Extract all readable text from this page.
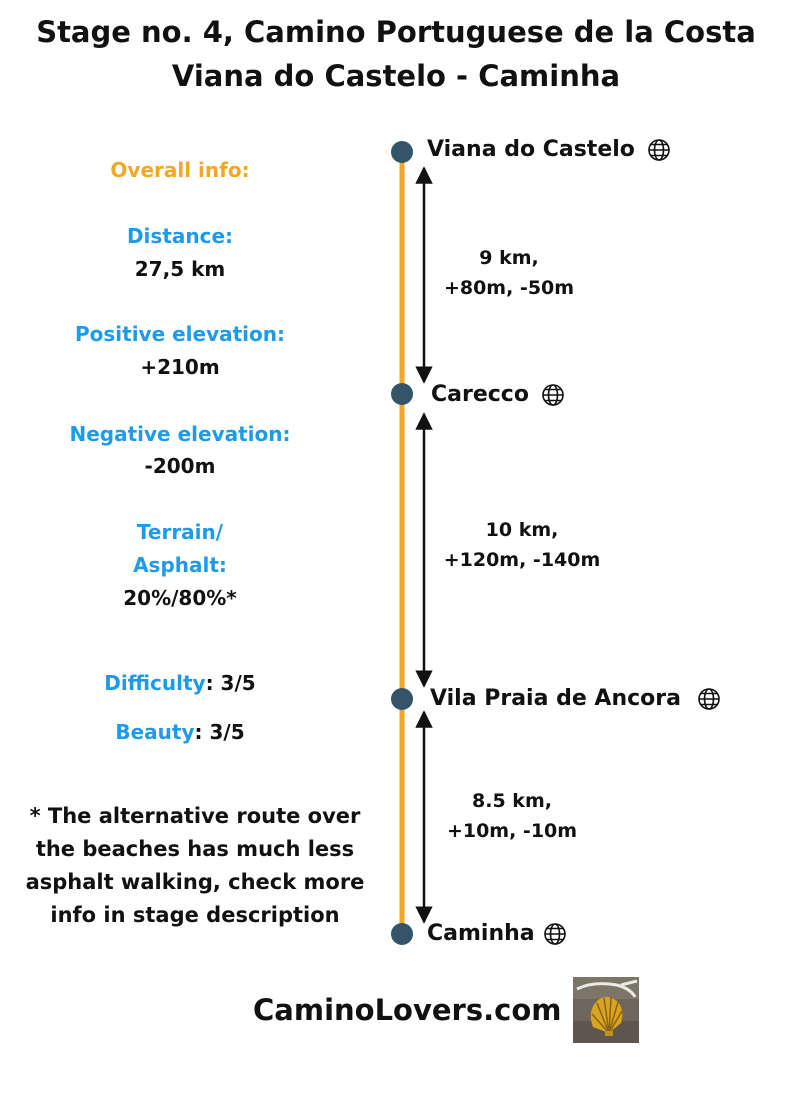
Stage no. 4, Camino Portuguese de la Costa
Viana do Castelo - Caminha
Overall info:
Distance:
27,5 km
Positive elevation:
+210m
Negative elevation:
-200m
Terrain/
Asphalt:
20%/80%*
Difficulty: 3/5
Beauty: 3/5
* The alternative route over
the beaches has much less
asphalt walking, check more
info in stage description
Viana do Castelo
Carecco
Vila Praia de Ancora
Caminha
9 km,
+80m, -50m
10 km,
+120m, -140m
8.5 km,
+10m, -10m
CaminoLovers.com
